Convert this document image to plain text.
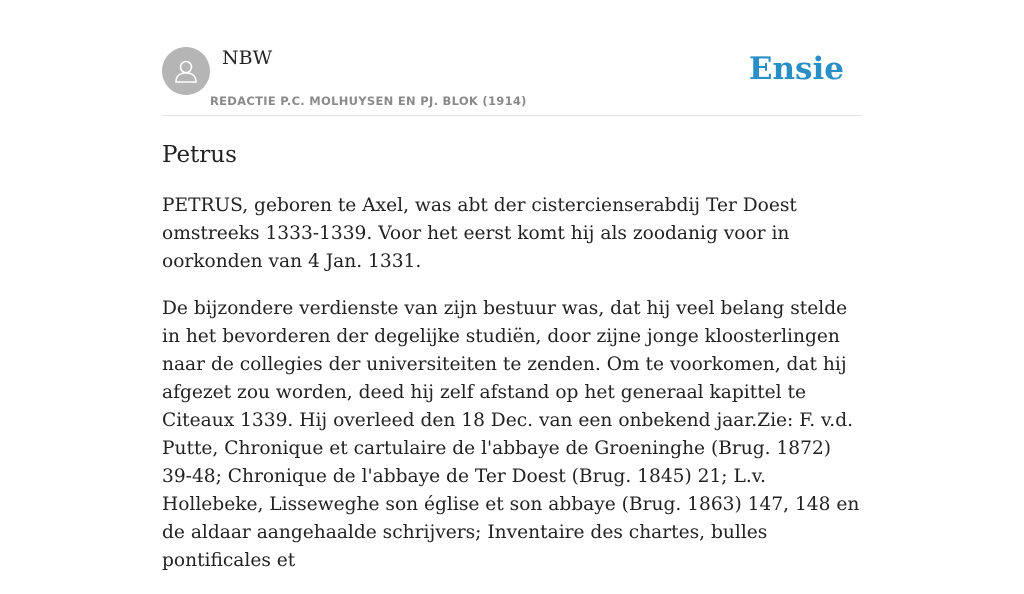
NBW
REDACTIE P.C. MOLHUYSEN EN PJ. BLOK (1914)
Ensie
Petrus

PETRUS, geboren te Axel, was abt der cistercienserabdij Ter Doest omstreeks 1333-1339. Voor het eerst komt hij als zoodanig voor in oorkonden van 4 Jan. 1331.

De bijzondere verdienste van zijn bestuur was, dat hij veel belang stelde in het bevorderen der degelijke studiën, door zijne jonge kloosterlingen naar de collegies der universiteiten te zenden. Om te voorkomen, dat hij afgezet zou worden, deed hij zelf afstand op het generaal kapittel te Citeaux 1339. Hij overleed den 18 Dec. van een onbekend jaar.Zie: F. v.d. Putte, Chronique et cartulaire de l'abbaye de Groeninghe (Brug. 1872) 39-48; Chronique de l'abbaye de Ter Doest (Brug. 1845) 21; L.v. Hollebeke, Lisseweghe son église et son abbaye (Brug. 1863) 147, 148 en de aldaar aangehaalde schrijvers; Inventaire des chartes, bulles pontificales et
